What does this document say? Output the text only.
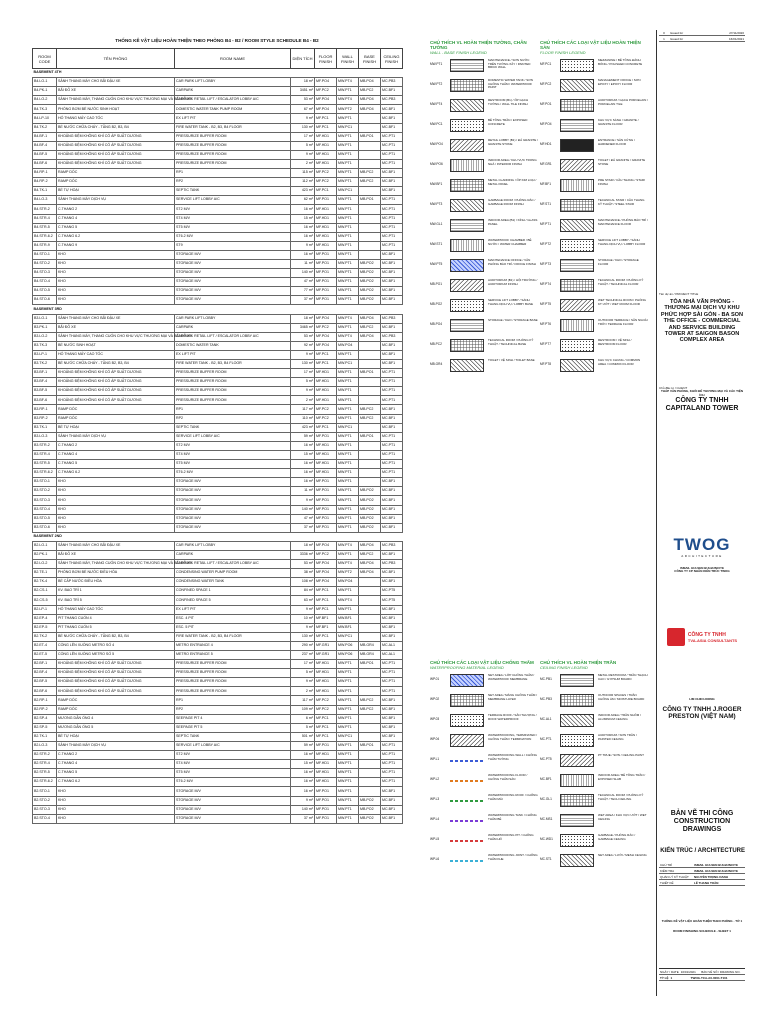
THỐNG KÊ VẬT LIỆU HOÀN THIỆN THEO PHÒNG B4 - B2 / ROOM STYLE SCHEDULE B4 - B2
ROOM CODE	TÊN PHÒNG	ROOM NAME	DIỆN TÍCH	FLOOR FINISH	WALL FINISH	BASE FINISH	CEILING FINISH
BASEMENT 4TH							
B4.LO-1	SẢNH THANG MÁY CHO BÃI ĐẬU XE	CAR PARK LIFT LOBBY	18 m²	MF.PO4	MW.PT4	MB.PO4	MC.PB3
B4.PK-1	BÃI ĐỖ XE	CARPARK	3451 m²	MF.PC2	MW.PT1	MB.PC2	MC.BF1
B4.LO-2	SẢNH THANG MÁY, THANG CUỐN CHO KHU VỰC THƯƠNG MẠI VÀ BÃI ĐỖ XE	CARPARK RETAIL LIFT / ESCALATOR LOBBY A/C	53 m²	MF.PO4	MW.PT4	MB.PO4	MC.PB3
B4.TK-3	PHÒNG BƠM BỂ NƯỚC SINH HOẠT	DOMESTIC WATER TANK PUMP ROOM	67 m²	MF.PO4	MW.PT2	MB.PO4	MC.BF1
B4.LP-10	HỐ THANG MÁY CAO TỐC	EX LIFT PIT	9 m²	MF.PC1	MW.PT1		MC.BF1
B4.TK-2	BỂ NƯỚC CHỮA CHÁY - TẦNG B2, B3, B4	FIRE WATER TANK - B2, B3, B4 FLOOR	130 m²	MF.PC1	MW.PC1		MC.BF1
B4.BF-1	KHOẢNG ĐỆM KHÔNG KHÍ CÓ ÁP SUẤT DƯƠNG	PRESSURIZE BUFFER ROOM	17 m²	MF.HD1	MW.PT1	MB.PO1	MC.PT1
B4.BF-4	KHOẢNG ĐỆM KHÔNG KHÍ CÓ ÁP SUẤT DƯƠNG	PRESSURIZE BUFFER ROOM	5 m²	MF.HD1	MW.PT1		MC.PT1
B4.BF-5	KHOẢNG ĐỆM KHÔNG KHÍ CÓ ÁP SUẤT DƯƠNG	PRESSURIZE BUFFER ROOM	9 m²	MF.HD1	MW.PT1		MC.PT1
B4.BF-6	KHOẢNG ĐỆM KHÔNG KHÍ CÓ ÁP SUẤT DƯƠNG	PRESSURIZE BUFFER ROOM	2 m²	MF.HD1	MW.PT1		MC.PT1
B4.RP-1	RAMP DỐC	RP1	115 m²	MF.PC2	MW.PT1	MB.PC2	MC.BF1
B4.RP-2	RAMP DỐC	RP2	112 m²	MF.PC2	MW.PT1	MB.PC2	MC.BF1
B4.TK-1	BỂ TỰ HOẠI	SEPTIC TANK	423 m²	MF.PC1	MW.PC1		MC.BF1
B4.LO-3	SẢNH THANG MÁY DỊCH VỤ	SERVICE LIFT LOBBY A/C	62 m²	MF.PO1	MW.PT1	MB.PO1	MC.PT1
B4.STR-2	C.THANG 2	ST2 M/V	16 m²	MF.HD1	MW.PT1		MC.PT1
B4.STR-4	C.THANG 4	ST4 M/V	15 m²	MF.HD1	MW.PT1		MC.PT1
B4.STR-5	C.THANG 5	ST5 M/V	16 m²	MF.HD1	MW.PT1		MC.PT1
B4.STR-6.2	C.THANG 6.2	ST6.2 M/V	16 m²	MF.HD1	MW.PT1		MC.PT1
B4.STR-9	C.THANG 9	ST9	9 m²	MF.HD1	MW.PT1		MC.PT1
B4.STO-1	KHO	STORAGE M/V	16 m²	MF.PO1	MW.PT1		MC.BF1
B4.STO-2	KHO	STORAGE M/V	11 m²	MF.PO1	MW.PT1	MB.PO2	MC.BF1
B4.STO-3	KHO	STORAGE M/V	140 m²	MF.PO1	MW.PT1	MB.PO2	MC.BF1
B4.STO-4	KHO	STORAGE M/V	47 m²	MF.PO1	MW.PT1	MB.PO2	MC.BF1
B4.STO-5	KHO	STORAGE M/V	77 m²	MF.PO1	MW.PT1	MB.PO2	MC.BF1
B4.STO-6	KHO	STORAGE M/V	37 m²	MF.PO1	MW.PT1	MB.PO2	MC.BF1
BASEMENT 3RD							
B3.LO-1	SẢNH THANG MÁY CHO BÃI ĐẬU XE	CAR PARK LIFT LOBBY	18 m²	MF.PO4	MW.PT4	MB.PO4	MC.PB3
B3.PK-1	BÃI ĐỖ XE	CARPARK	3465 m²	MF.PC2	MW.PT1	MB.PC2	MC.BF1
B3.LO-2	SẢNH THANG MÁY, THANG CUỐN CHO KHU VỰC THƯƠNG MẠI VÀ BÃI ĐỖ XE	CARPARK RETAIL LIFT / ESCALATOR LOBBY A/C	53 m²	MF.PO4	MW.PT4	MB.PO4	MC.PB3
B3.TK-3	BỂ NƯỚC SINH HOẠT	DOMESTIC WATER TANK	92 m²	MF.PO4	MW.PO4		MC.BF1
B3.LP-1	HỐ THANG MÁY CAO TỐC	EX LIFT PIT	9 m²	MF.PC1	MW.PT1		MC.BF1
B3.TK-2	BỂ NƯỚC CHỮA CHÁY - TẦNG B2, B3, B4	FIRE WATER TANK - B2, B3, B4 FLOOR	130 m²	MF.PC1	MW.PC1		MC.BF1
B3.BF-1	KHOẢNG ĐỆM KHÔNG KHÍ CÓ ÁP SUẤT DƯƠNG	PRESSURIZE BUFFER ROOM	17 m²	MF.HD1	MW.PT1	MB.PO1	MC.PT1
B3.BF-4	KHOẢNG ĐỆM KHÔNG KHÍ CÓ ÁP SUẤT DƯƠNG	PRESSURIZE BUFFER ROOM	5 m²	MF.HD1	MW.PT1		MC.PT1
B3.BF-5	KHOẢNG ĐỆM KHÔNG KHÍ CÓ ÁP SUẤT DƯƠNG	PRESSURIZE BUFFER ROOM	9 m²	MF.HD1	MW.PT1		MC.PT1
B3.BF-6	KHOẢNG ĐỆM KHÔNG KHÍ CÓ ÁP SUẤT DƯƠNG	PRESSURIZE BUFFER ROOM	2 m²	MF.HD1	MW.PT1		MC.PT1
B3.RP-1	RAMP DỐC	RP1	117 m²	MF.PC2	MW.PT1	MB.PC2	MC.BF1
B3.RP-2	RAMP DỐC	RP2	110 m²	MF.PC2	MW.PT1	MB.PC2	MC.BF1
B3.TK-1	BỂ TỰ HOẠI	SEPTIC TANK	423 m²	MF.PC1	MW.PC1		MC.BF1
B3.LO-3	SẢNH THANG MÁY DỊCH VỤ	SERVICE LIFT LOBBY A/C	59 m²	MF.PO1	MW.PT1	MB.PO1	MC.PT1
B3.STR-2	C.THANG 2	ST2 M/V	16 m²	MF.HD1	MW.PT1		MC.PT1
B3.STR-4	C.THANG 4	ST4 M/V	15 m²	MF.HD1	MW.PT1		MC.PT1
B3.STR-5	C.THANG 5	ST5 M/V	16 m²	MF.HD1	MW.PT1		MC.PT1
B3.STR-6.2	C.THANG 6.2	ST6.2 M/V	16 m²	MF.HD1	MW.PT1		MC.PT1
B3.STO-1	KHO	STORAGE M/V	16 m²	MF.PO1	MW.PT1		MC.BF1
B3.STO-2	KHO	STORAGE M/V	11 m²	MF.PO1	MW.PT1	MB.PO2	MC.BF1
B3.STO-3	KHO	STORAGE M/V	9 m²	MF.PO1	MW.PT1	MB.PO2	MC.BF1
B3.STO-4	KHO	STORAGE M/V	140 m²	MF.PO1	MW.PT1	MB.PO2	MC.BF1
B3.STO-5	KHO	STORAGE M/V	47 m²	MF.PO1	MW.PT1	MB.PO2	MC.BF1
B3.STO-6	KHO	STORAGE M/V	37 m²	MF.PO1	MW.PT1	MB.PO2	MC.BF1
BASEMENT 2ND							
B2.LO-1	SẢNH THANG MÁY CHO BÃI ĐẬU XE	CAR PARK LIFT LOBBY	18 m²	MF.PO4	MW.PT4	MB.PO4	MC.PB3
B2.PK-1	BÃI ĐỖ XE	CARPARK	3336 m²	MF.PC2	MW.PT1	MB.PC2	MC.BF1
B2.LO-2	SẢNH THANG MÁY, THANG CUỐN CHO KHU VỰC THƯƠNG MẠI VÀ BÃI ĐỖ XE	CARPARK RETAIL LIFT / ESCALATOR LOBBY A/C	53 m²	MF.PO4	MW.PT4	MB.PO4	MC.PB3
B2.TE-1	PHÒNG BƠM BỂ NƯỚC ĐIỀU HÒA	CONDENSING WATER PUMP ROOM	38 m²	MF.PO4	MW.PT2	MB.PO4	MC.BF1
B2.TK-4	BỂ CẤP NƯỚC ĐIỀU HÒA	CONDENSING WATER TANK	108 m²	MF.PO4	MW.PO4		MC.BF1
B2.CS-1	KV. BAO TRÌ 1	CONFINED SPACE 1	84 m²	MF.PC1	MW.PT1		MC.PT5
B2.CS-5	KV. BAO TRÌ 5	CONFINED SPACE 5	63 m²	MF.PC1	MW.PT4		MC.PT5
B2.LP-1	HỐ THANG MÁY CAO TỐC	EX LIFT PIT	9 m²	MF.PC1	MW.PT1		MC.BF1
B2.EP-4	PIT THANG CUỐN 4	ESC. 4 PIT	10 m²	MF.BF1	MW.BF1		MC.BF1
B2.EP-5	PIT THANG CUỐN 5	ESC. 5 PIT	9 m²	MF.BF1	MW.BF1		MC.BF1
B2.TK-2	BỂ NƯỚC CHỮA CHÁY - TẦNG B2, B3, B4	FIRE WATER TANK - B2, B3, B4 FLOOR	130 m²	MF.PC1	MW.PC1		MC.BF1
B2.ET-4	CỔNG LÊN XUỐNG METRO SỐ 4	METRO ENTRANCE 4	290 m²	MF.GR1	MW.PO6	MB.GR4	MC.AL1
B2.ET-5	CỔNG LÊN XUỐNG METRO SỐ 5	METRO ENTRANCE 5	237 m²	MF.GR1	MW.PO6	MB.GR4	MC.AL1
B2.BF-1	KHOẢNG ĐỆM KHÔNG KHÍ CÓ ÁP SUẤT DƯƠNG	PRESSURIZE BUFFER ROOM	17 m²	MF.HD1	MW.PT1	MB.PO1	MC.PT1
B2.BF-4	KHOẢNG ĐỆM KHÔNG KHÍ CÓ ÁP SUẤT DƯƠNG	PRESSURIZE BUFFER ROOM	5 m²	MF.HD1	MW.PT1		MC.PT1
B2.BF-5	KHOẢNG ĐỆM KHÔNG KHÍ CÓ ÁP SUẤT DƯƠNG	PRESSURIZE BUFFER ROOM	9 m²	MF.HD1	MW.PT1		MC.PT1
B2.BF-6	KHOẢNG ĐỆM KHÔNG KHÍ CÓ ÁP SUẤT DƯƠNG	PRESSURIZE BUFFER ROOM	2 m²	MF.HD1	MW.PT1		MC.PT1
B2.RP-1	RAMP DỐC	RP1	117 m²	MF.PC2	MW.PT1	MB.PC2	MC.BF1
B2.RP-2	RAMP DỐC	RP2	109 m²	MF.PC2	MW.PT1	MB.PC2	MC.BF1
B2.SP-4	MƯƠNG DẪN ỐNG 4	SEEPAGE PIT 4	6 m²	MF.PC1	MW.PT1		MC.BF1
B2.SP-5	MƯƠNG DẪN ỐNG 5	SEEPAGE PIT 5	5 m²	MF.PC1	MW.PT1		MC.BF1
B2.TK-1	BỂ TỰ HOẠI	SEPTIC TANK	501 m²	MF.PC1	MW.PC1		MC.BF1
B2.LO-3	SẢNH THANG MÁY DỊCH VỤ	SERVICE LIFT LOBBY A/C	59 m²	MF.PO1	MW.PT1	MB.PO1	MC.PT1
B2.STR-2	C.THANG 2	ST2 M/V	16 m²	MF.HD1	MW.PT1		MC.PT1
B2.STR-4	C.THANG 4	ST4 M/V	15 m²	MF.HD1	MW.PT1		MC.PT1
B2.STR-5	C.THANG 5	ST5 M/V	16 m²	MF.HD1	MW.PT1		MC.PT1
B2.STR-6.2	C.THANG 6.2	ST6.2 M/V	16 m²	MF.HD1	MW.PT1		MC.PT1
B2.STO-1	KHO	STORAGE M/V	16 m²	MF.PO1	MW.PT1		MC.BF1
B2.STO-2	KHO	STORAGE M/V	9 m²	MF.PO1	MW.PT1	MB.PO2	MC.BF1
B2.STO-3	KHO	STORAGE M/V	140 m²	MF.PO1	MW.PT1	MB.PO2	MC.BF1
B2.STO-4	KHO	STORAGE M/V	37 m²	MF.PO1	MW.PT1	MB.PO2	MC.BF1
CHÚ THÍCH VL HOÀN THIỆN TƯỜNG, CHÂN TƯỜNG
WALL - BASE FINISH LEGEND
MW.PT1
MAINTENANCE / SƠN NƯỚC TRÊN TƯỜNG XÂY / PAINTED BRICK WALL
MW.PT2
DOMESTIC WATER TANK / SƠN CHỐNG THẤM / WATERPROOF PAINT
MW.PT4
RESTROOM (B1) / ỐP GẠCH TƯỜNG / WALL TILE FINISH
MW.PC1
BÊ TÔNG TRẦN / EXPOSED CONCRETE
MW.PO4
RETAIL LOBBY (B1) / ĐÁ GRANITE / GRANITE STONE
MW.PO6
INDOOR AREA / KHU VỰC TRONG NHÀ / INTERIOR FINISH
MW.BF1
METAL CLADDING / ỐP KIM LOẠI / METAL PANEL
MW.PT3
GARBAGE ROOM / PHÒNG RÁC / GARBAGE ROOM FINISH
MW.GL1
INDOOR AREA (B1) / KÍNH / GLASS PANEL
MW.ST1
WATERPROOF CHAMBER / BỂ NƯỚC / WATER CHAMBER
MW.PT5
MAINTENANCE OFFICE / VĂN PHÒNG BẢO TRÌ / OFFICE FINISH
MB.PO1
AUDITORIUM (B1) / HỘI TRƯỜNG / AUDITORIUM FINISH
MB.PO2
SERVICE LIFT LOBBY / SẢNH THANG DỊCH VỤ / LOBBY BASE
MB.PO4
STORAGE / KHO / STORAGE BASE
MB.PC2
TECHNICAL ROOM / PHÒNG KỸ THUẬT / TECHNICAL BASE
MB.GR4
TOILET / VỆ SINH / TOILET BASE
CHÚ THÍCH CÁC LOẠI VẬT LIỆU HOÀN THIỆN SÀN
FLOOR FINISH LEGEND
MF.PC1
MEZZANINE / BÊ TÔNG ĐÁNH BÓNG / POLISHED CONCRETE
MF.PC2
MANAGEMENT OFFICE / SƠN EPOXY / EPOXY FLOOR
MF.PO1
AUDITORIUM / GẠCH PORCELAIN / PORCELAIN TILE
MF.PO4
KHU VỰC SẢNH / GRANITE / GRANITE FLOOR
MF.HD1
ENTRANCE / SÀN CỨNG / HARDENER FLOOR
MF.GR1
TOILET / ĐÁ GRANITE / GRANITE STONE
MF.BF1
PRE STAIR / CẦU THANG / STAIR FINISH
MF.ST1
TECHNICAL STAIR / CẦU THANG KỸ THUẬT / STEEL STAIR
MF.PT1
MAINTENANCE / PHÒNG BẢO TRÌ / MAINTENANCE FLOOR
MF.PT2
SERVICE LIFT LOBBY / SẢNH THANG DỊCH VỤ / LOBBY FLOOR
MF.PT3
STORAGE / KHO / STORAGE FLOOR
MF.PT4
TECHNICAL ROOM / PHÒNG KỸ THUẬT / TECHNICAL FLOOR
MF.PT5
WET TECHNICAL ROOM / PHÒNG KT ƯỚT / WET ROOM FLOOR
MF.PT6
OUTDOOR TERRACE / SÂN NGOÀI TRỜI / TERRACE FLOOR
MF.PT7
RESTROOM / VỆ SINH / RESTROOM FLOOR
MF.PT8
KHU VỰC CHUNG / COMMON AREA / COMMON FLOOR
CHÚ THÍCH CÁC LOẠI VẬT LIỆU CHỐNG THẤM
WATERPROOFING MATERIAL LEGEND
WP.01
NET AREA / LỚP CHỐNG THẤM / WATERPROOF MEMBRANE
WP.02
NET AREA / MÀNG CHỐNG THẤM / MEMBRANE LAYER
WP.03
TERRACE ROOF / SÂN THƯỢNG / ROOF WATERPROOF
WP.04
WATERPROOFING, TERMINATED / CHỐNG THẤM / TERMINATION
WP.L1
WATERPROOFING WALL / CHỐNG THẤM TƯỜNG
WP.L2
WATERPROOFING FLOOR / CHỐNG THẤM SÀN
WP.L3
WATERPROOFING ROOF / CHỐNG THẤM MÁI
WP.L4
WATERPROOFING TANK / CHỐNG THẤM BỂ
WP.L5
WATERPROOFING PIT / CHỐNG THẤM HỐ
WP.L6
WATERPROOFING JOINT / CHỐNG THẤM KHE
CHÚ THÍCH VL HOÀN THIỆN TRẦN
CEILING FINISH LEGEND
MC.PB1
METAL RESTROOM / TRẦN THẠCH CAO / GYPSUM BOARD
MC.PB3
OUTDOOR SPACES / TRẦN CHỐNG ẨM / MOISTURE BOARD
MC.AL1
INDOOR AREA / TRẦN NHÔM / ALUMINIUM CEILING
MC.PT1
AUDITORIUM / SƠN TRẦN / PAINTED CEILING
MC.PT5
PT TRUE / SƠN / CEILING PAINT
MC.BF1
INDOOR AREA / BÊ TÔNG TRẦN / EXPOSED SLAB
MC.GL1
TECHNICAL ROOM / PHÒNG KỸ THUẬT / TECH CEILING
MC.MS1
WET AREA / KHU VỰC ƯỚT / WET CEILING
MC.WD1
GARBAGE / PHÒNG RÁC / GARBAGE CEILING
MC.ST1
NET AREA / LƯỚI / MESH CEILING
0	Issued for	27/11/2020
1	Issued for	16/01/2021
Tên dự án / PROJECT TITLE
TÒA NHÀ VĂN PHÒNG - THƯƠNG MẠI DỊCH VỤ KHU PHỨC HỢP SÀI GÒN - BA SON
THE OFFICE - COMMERCIAL AND SERVICE BUILDING TOWER AT SAIGON BASON COMPLEX AREA
Chủ đầu tư / CLIENT
THÁP VĂN PHÒNG, KHỐI ĐẾ THƯƠNG MẠI VÀ CÁC TIỆN ÍCH
CÔNG TY TNHH CAPITALAND TOWER
TWOG
ARCHITECTURE
ISMAIL GULSEN BULBUNCIYE
CÔNG TY CP NHÂN KIẾN TRÚC TWOG
CÔNG TY TNHH
TVA-ASIA CONSULTANTS
LIM CHIN HOONG
CÔNG TY TNHH J.ROGER PRESTON (VIỆT NAM)
BẢN VẼ THI CÔNG
CONSTRUCTION DRAWINGS
KIẾN TRÚC / ARCHITECTURE
CHỦ TRÌ	ISMAIL GULSEN BULBUNCIYE
KIỂM TRA	ISMAIL GULSEN BULBUNCIYE
QUẢN LÝ KỸ THUẬT	NGUYỄN TRỌNG DANH
THIẾT KẾ	LÊ THANH TOÀN
THỐNG KÊ VẬT LIỆU HOÀN THIỆN THEO PHÒNG - TỜ 1
ROOM FINISHING SCHEDULE - SHEET 1
NGÀY / DATE 16/01/2021	BẢN VẼ SỐ / DRAWING NO.
TỶ LỆ 1	TWOG-TCA-A0-0001-T101
